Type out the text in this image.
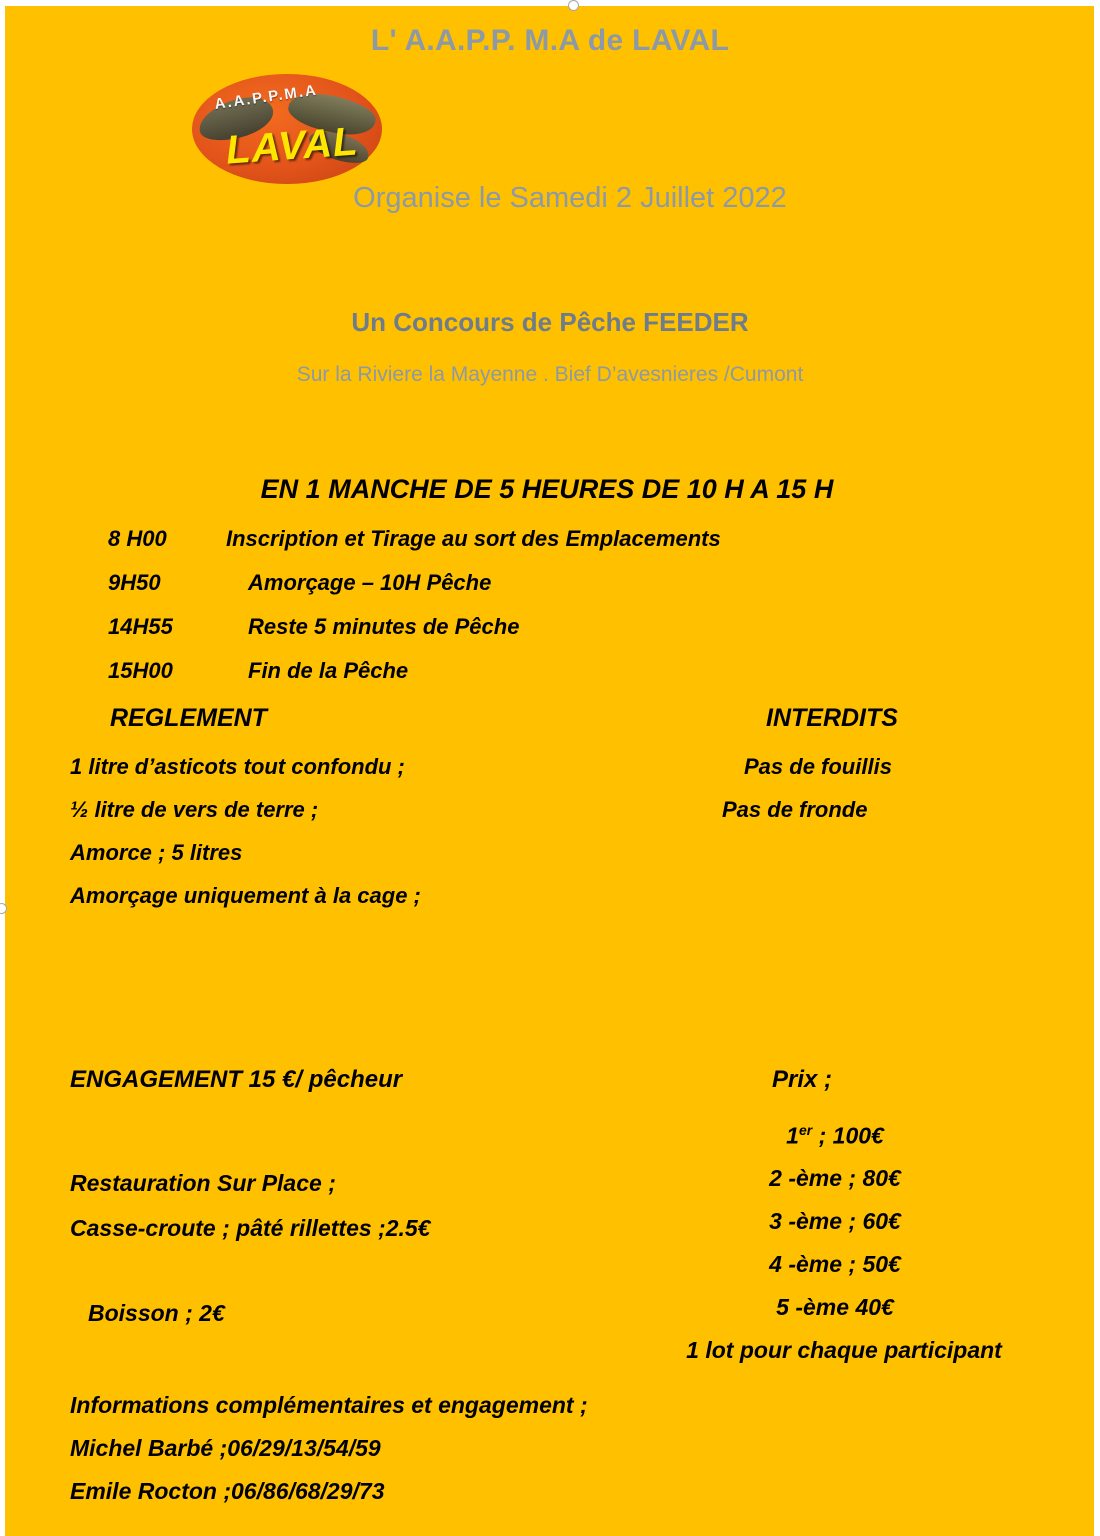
L' A.A.P.P. M.A de LAVAL
A.A.P.P.M.A
LAVAL
Organise le Samedi 2 Juillet 2022
Un Concours de Pêche FEEDER
Sur la Riviere la Mayenne . Bief D’avesnieres /Cumont
EN 1 MANCHE DE 5 HEURES DE 10 H A 15 H
8 H00	Inscription et Tirage au sort des Emplacements
9H50	Amorçage – 10H Pêche
14H55	Reste 5 minutes de Pêche
15H00	Fin de la Pêche
REGLEMENT	INTERDITS
1 litre d’asticots tout confondu ;
½ litre de vers de terre ;
Amorce ; 5 litres
Amorçage uniquement à la cage ;
Pas de fouillis
Pas de fronde
ENGAGEMENT 15 €/ pêcheur
Restauration Sur Place ;
Casse-croute ; pâté rillettes ;2.5€
Boisson ; 2€
Prix ;
1er ; 100€
2 -ème ; 80€
3 -ème ; 60€
4 -ème ; 50€
5 -ème 40€
1 lot pour chaque participant
Informations complémentaires et engagement ;
Michel Barbé ;06/29/13/54/59
Emile Rocton ;06/86/68/29/73
